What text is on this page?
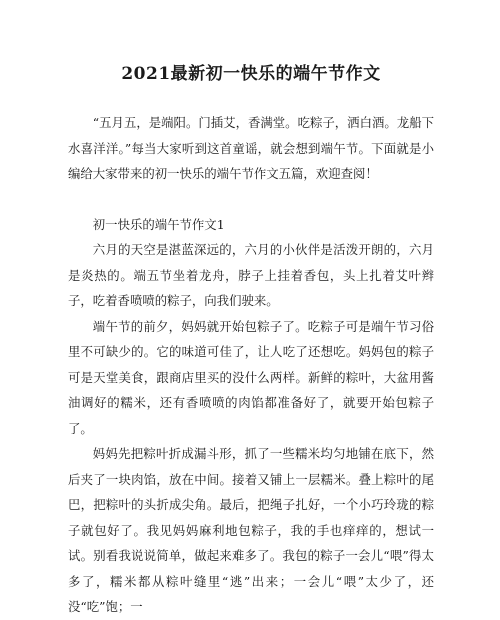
2021最新初一快乐的端午节作文

“五月五，是端阳。门插艾，香满堂。吃粽子，洒白酒。龙船下水喜洋洋。”每当大家听到这首童谣，就会想到端午节。下面就是小编给大家带来的初一快乐的端午节作文五篇，欢迎查阅！

初一快乐的端午节作文1

六月的天空是湛蓝深远的，六月的小伙伴是活泼开朗的，六月是炎热的。端五节坐着龙舟，脖子上挂着香包，头上扎着艾叶辫子，吃着香喷喷的粽子，向我们驶来。

端午节的前夕，妈妈就开始包粽子了。吃粽子可是端午节习俗里不可缺少的。它的味道可佳了，让人吃了还想吃。妈妈包的粽子可是天堂美食，跟商店里买的没什么两样。新鲜的粽叶，大盆用酱油调好的糯米，还有香喷喷的肉馅都准备好了，就要开始包粽子了。

妈妈先把粽叶折成漏斗形，抓了一些糯米均匀地铺在底下，然后夹了一块肉馅，放在中间。接着又铺上一层糯米。叠上粽叶的尾巴，把粽叶的头折成尖角。最后，把绳子扎好，一个小巧玲珑的粽子就包好了。我见妈妈麻利地包粽子，我的手也痒痒的，想试一试。别看我说说简单，做起来难多了。我包的粽子一会儿“喂”得太多了，糯米都从粽叶缝里“逃”出来；一会儿“喂”太少了，还没“吃”饱；一
